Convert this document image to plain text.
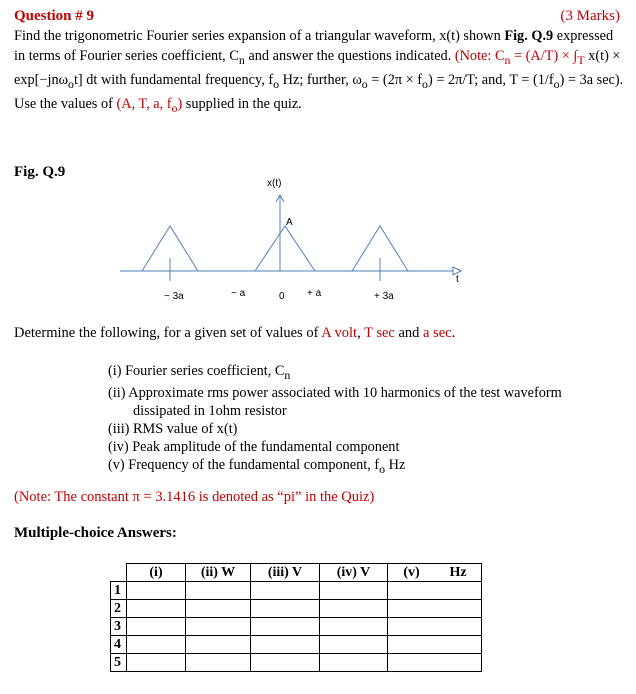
Question # 9	(3 Marks)
Find the trigonometric Fourier series expansion of a triangular waveform, x(t) shown Fig. Q.9 expressed in terms of Fourier series coefficient, $C_n$ and answer the questions indicated. (Note: $C_n = (A/T) \times \int_T$ x(t) × exp[−jnω$_o$t] dt with fundamental frequency, $f_o$ Hz; further, $\omega_o = (2\pi \times f_o) = 2\pi/T$; and, $T = (1/f_o) = 3a$ sec). Use the values of (A, T, a, $f_o$) supplied in the quiz.
Fig. Q.9
x(t)
t
A
− 3a	− a	0 + a	+ 3a
Determine the following, for a given set of values of A volt, T sec and a sec.
(i) Fourier series coefficient, $C_n$
(ii) Approximate rms power associated with 10 harmonics of the test waveform
dissipated in 1ohm resistor
(iii) RMS value of x(t)
(iv) Peak amplitude of the fundamental component
(v) Frequency of the fundamental component, $f_o$ Hz
(Note: The constant π = 3.1416 is denoted as “pi” in the Quiz)
Multiple-choice Answers:
	(i)	(ii) W	(iii) V	(iv) V	(v)	Hz
1						
2						
3						
4						
5						
